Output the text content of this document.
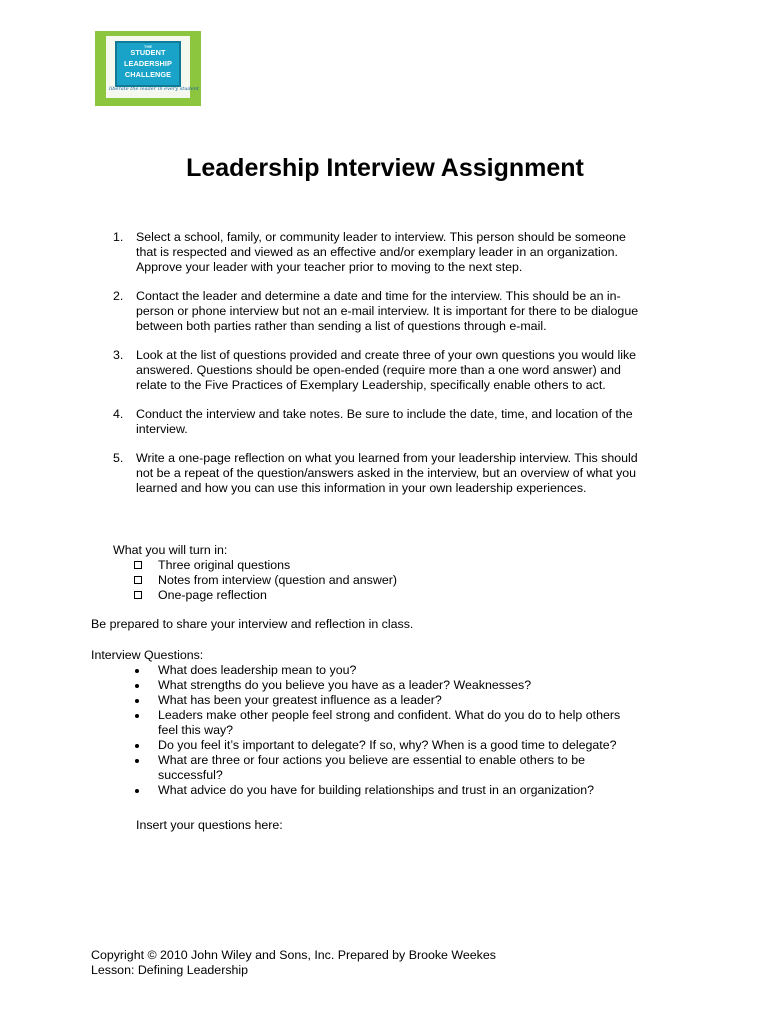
THE
STUDENT
LEADERSHIP
CHALLENGE
liberate the leader in every student
Leadership Interview Assignment
1. Select a school, family, or community leader to interview. This person should be someone that is respected and viewed as an effective and/or exemplary leader in an organization. Approve your leader with your teacher prior to moving to the next step.
2. Contact the leader and determine a date and time for the interview. This should be an in-person or phone interview but not an e-mail interview. It is important for there to be dialogue between both parties rather than sending a list of questions through e-mail.
3. Look at the list of questions provided and create three of your own questions you would like answered. Questions should be open-ended (require more than a one word answer) and relate to the Five Practices of Exemplary Leadership, specifically enable others to act.
4. Conduct the interview and take notes. Be sure to include the date, time, and location of the interview.
5. Write a one-page reflection on what you learned from your leadership interview. This should not be a repeat of the question/answers asked in the interview, but an overview of what you learned and how you can use this information in your own leadership experiences.
What you will turn in:
Three original questions
Notes from interview (question and answer)
One-page reflection
Be prepared to share your interview and reflection in class.
Interview Questions:
What does leadership mean to you?
What strengths do you believe you have as a leader? Weaknesses?
What has been your greatest influence as a leader?
Leaders make other people feel strong and confident. What do you do to help others feel this way?
Do you feel it’s important to delegate? If so, why? When is a good time to delegate?
What are three or four actions you believe are essential to enable others to be successful?
What advice do you have for building relationships and trust in an organization?
Insert your questions here:
Copyright © 2010 John Wiley and Sons, Inc. Prepared by Brooke Weekes
Lesson: Defining Leadership
